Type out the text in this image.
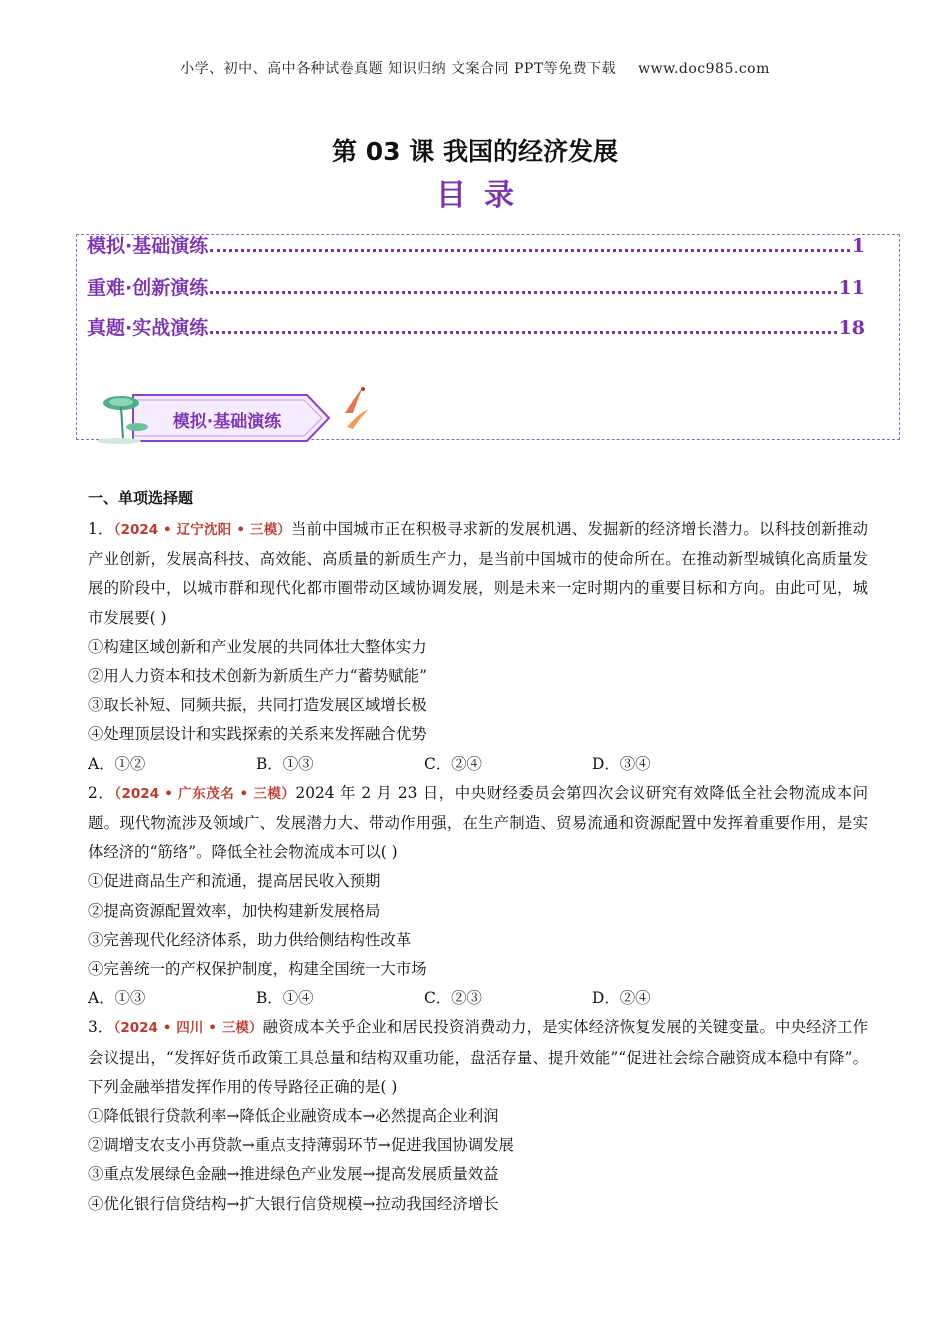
小学、初中、高中各种试卷真题 知识归纳 文案合同 PPT等免费下载 www.doc985.com
第 03 课 我国的经济发展
目录
模拟·基础演练	1
重难·创新演练	11
真题·实战演练	18
模拟·基础演练
一、单项选择题
1．（2024 • 辽宁沈阳 • 三模）当前中国城市正在积极寻求新的发展机遇、发掘新的经济增长潜力。以科技创新推动产业创新，发展高科技、高效能、高质量的新质生产力，是当前中国城市的使命所在。在推动新型城镇化高质量发展的阶段中，以城市群和现代化都市圈带动区域协调发展，则是未来一定时期内的重要目标和方向。由此可见，城市发展要( )
①构建区域创新和产业发展的共同体壮大整体实力
②用人力资本和技术创新为新质生产力“蓄势赋能”
③取长补短、同频共振，共同打造发展区域增长极
④处理顶层设计和实践探索的关系来发挥融合优势
A．①②	B．①③	C．②④	D．③④
2．（2024 • 广东茂名 • 三模）2024 年 2 月 23 日，中央财经委员会第四次会议研究有效降低全社会物流成本问题。现代物流涉及领域广、发展潜力大、带动作用强，在生产制造、贸易流通和资源配置中发挥着重要作用，是实体经济的“筋络”。降低全社会物流成本可以( )
①促进商品生产和流通，提高居民收入预期
②提高资源配置效率，加快构建新发展格局
③完善现代化经济体系，助力供给侧结构性改革
④完善统一的产权保护制度，构建全国统一大市场
A．①③	B．①④	C．②③	D．②④
3．（2024 • 四川 • 三模）融资成本关乎企业和居民投资消费动力，是实体经济恢复发展的关键变量。中央经济工作会议提出，“发挥好货币政策工具总量和结构双重功能，盘活存量、提升效能”“促进社会综合融资成本稳中有降”。下列金融举措发挥作用的传导路径正确的是( )
①降低银行贷款利率→降低企业融资成本→必然提高企业利润
②调增支农支小再贷款→重点支持薄弱环节→促进我国协调发展
③重点发展绿色金融→推进绿色产业发展→提高发展质量效益
④优化银行信贷结构→扩大银行信贷规模→拉动我国经济增长
